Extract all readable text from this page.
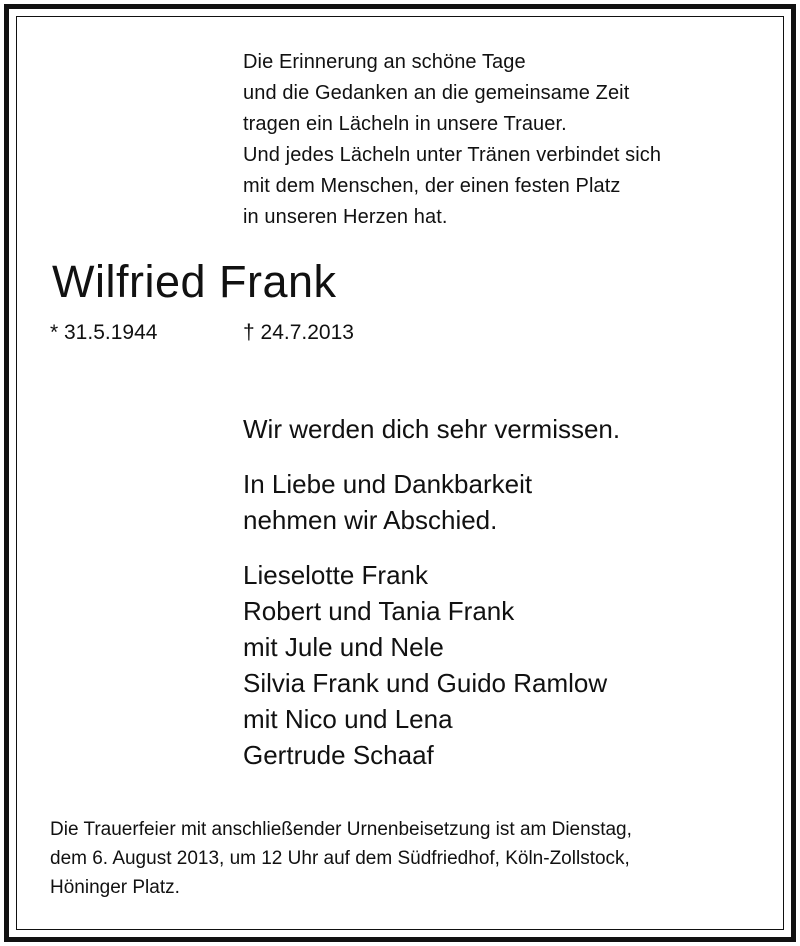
Die Erinnerung an schöne Tage
und die Gedanken an die gemeinsame Zeit
tragen ein Lächeln in unsere Trauer.
Und jedes Lächeln unter Tränen verbindet sich
mit dem Menschen, der einen festen Platz
in unseren Herzen hat.
Wilfried Frank
* 31.5.1944	† 24.7.2013
Wir werden dich sehr vermissen.
In Liebe und Dankbarkeit
nehmen wir Abschied.
Lieselotte Frank
Robert und Tania Frank
mit Jule und Nele
Silvia Frank und Guido Ramlow
mit Nico und Lena
Gertrude Schaaf
Die Trauerfeier mit anschließender Urnenbeisetzung ist am Dienstag,
dem 6. August 2013, um 12 Uhr auf dem Südfriedhof, Köln-Zollstock,
Höninger Platz.
